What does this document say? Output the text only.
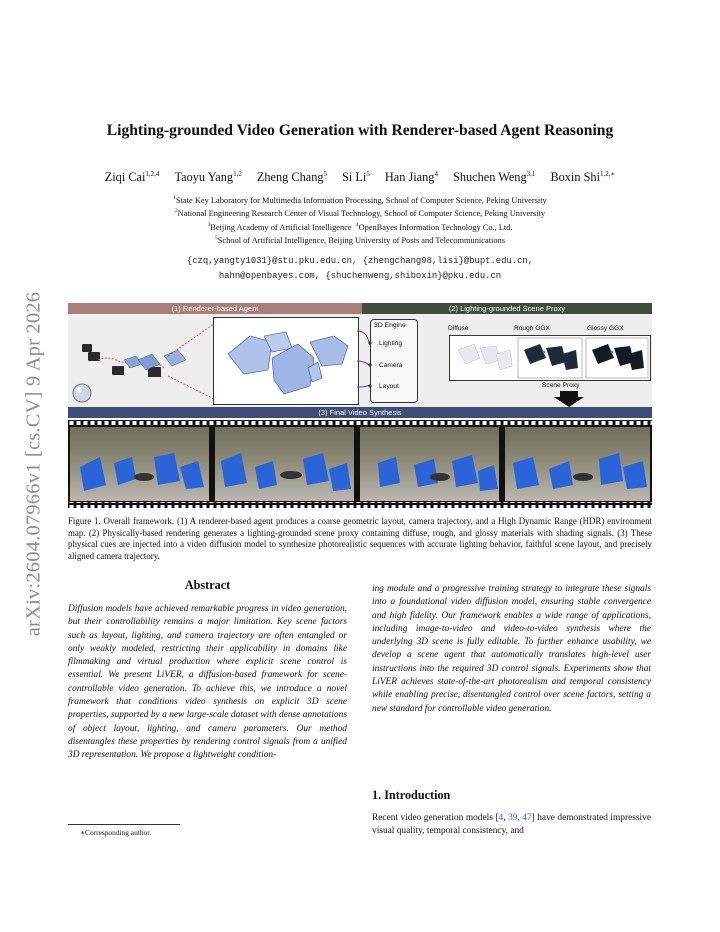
arXiv:2604.07966v1 [cs.CV] 9 Apr 2026
Lighting-grounded Video Generation with Renderer-based Agent Reasoning
Ziqi Cai$^{1,2,4}$ Taoyu Yang$^{1,2}$ Zheng Chang$^5$ Si Li$^5$ Han Jiang$^4$ Shuchen Weng$^{3,1}$ Boxin Shi$^{1,2,∗}$
$^1$State Key Laboratory for Multimedia Information Processing, School of Computer Science, Peking University
$^2$National Engineering Research Center of Visual Technology, School of Computer Science, Peking University
$^3$Beijing Academy of Artificial Intelligence $^4$OpenBayes Information Technology Co., Ltd.
$^5$School of Artificial Intelligence, Beijing University of Posts and Telecommunications
{czq,yangty1031}@stu.pku.edu.cn, {zhengchang98,lisi}@bupt.edu.cn,
hahn@openbayes.com, {shuchenweng,shiboxin}@pku.edu.cn
(1) Renderer-based Agent	(2) Lighting-grounded Scene Proxy
3D Engine
Lighting
Camera
Layout
Diffuse	Rough GGX	Glossy GGX
Scene Proxy
(3) Final Video Synthesis
Figure 1. Overall framework. (1) A renderer-based agent produces a coarse geometric layout, camera trajectory, and a High Dynamic Range (HDR) environment map. (2) Physically-based rendering generates a lighting-grounded scene proxy containing diffuse, rough, and glossy materials with shading signals. (3) These physical cues are injected into a video diffusion model to synthesize photorealistic sequences with accurate lighting behavior, faithful scene layout, and precisely aligned camera trajectory.
Abstract
Diffusion models have achieved remarkable progress in video generation, but their controllability remains a major limitation. Key scene factors such as layout, lighting, and camera trajectory are often entangled or only weakly modeled, restricting their applicability in domains like filmmaking and virtual production where explicit scene control is essential. We present LiVER, a diffusion-based framework for scene-controllable video generation. To achieve this, we introduce a novel framework that conditions video synthesis on explicit 3D scene properties, supported by a new large-scale dataset with dense annotations of object layout, lighting, and camera parameters. Our method disentangles these properties by rendering control signals from a unified 3D representation. We propose a lightweight condition-
ing module and a progressive training strategy to integrate these signals into a foundational video diffusion model, ensuring stable convergence and high fidelity. Our framework enables a wide range of applications, including image-to-video and video-to-video synthesis where the underlying 3D scene is fully editable. To further enhance usability, we develop a scene agent that automatically translates high-level user instructions into the required 3D control signals. Experiments show that LiVER achieves state-of-the-art photorealism and temporal consistency while enabling precise, disentangled control over scene factors, setting a new standard for controllable video generation.
1. Introduction
Recent video generation models [4, 39, 47] have demonstrated impressive visual quality, temporal consistency, and
∗Corresponding author.
